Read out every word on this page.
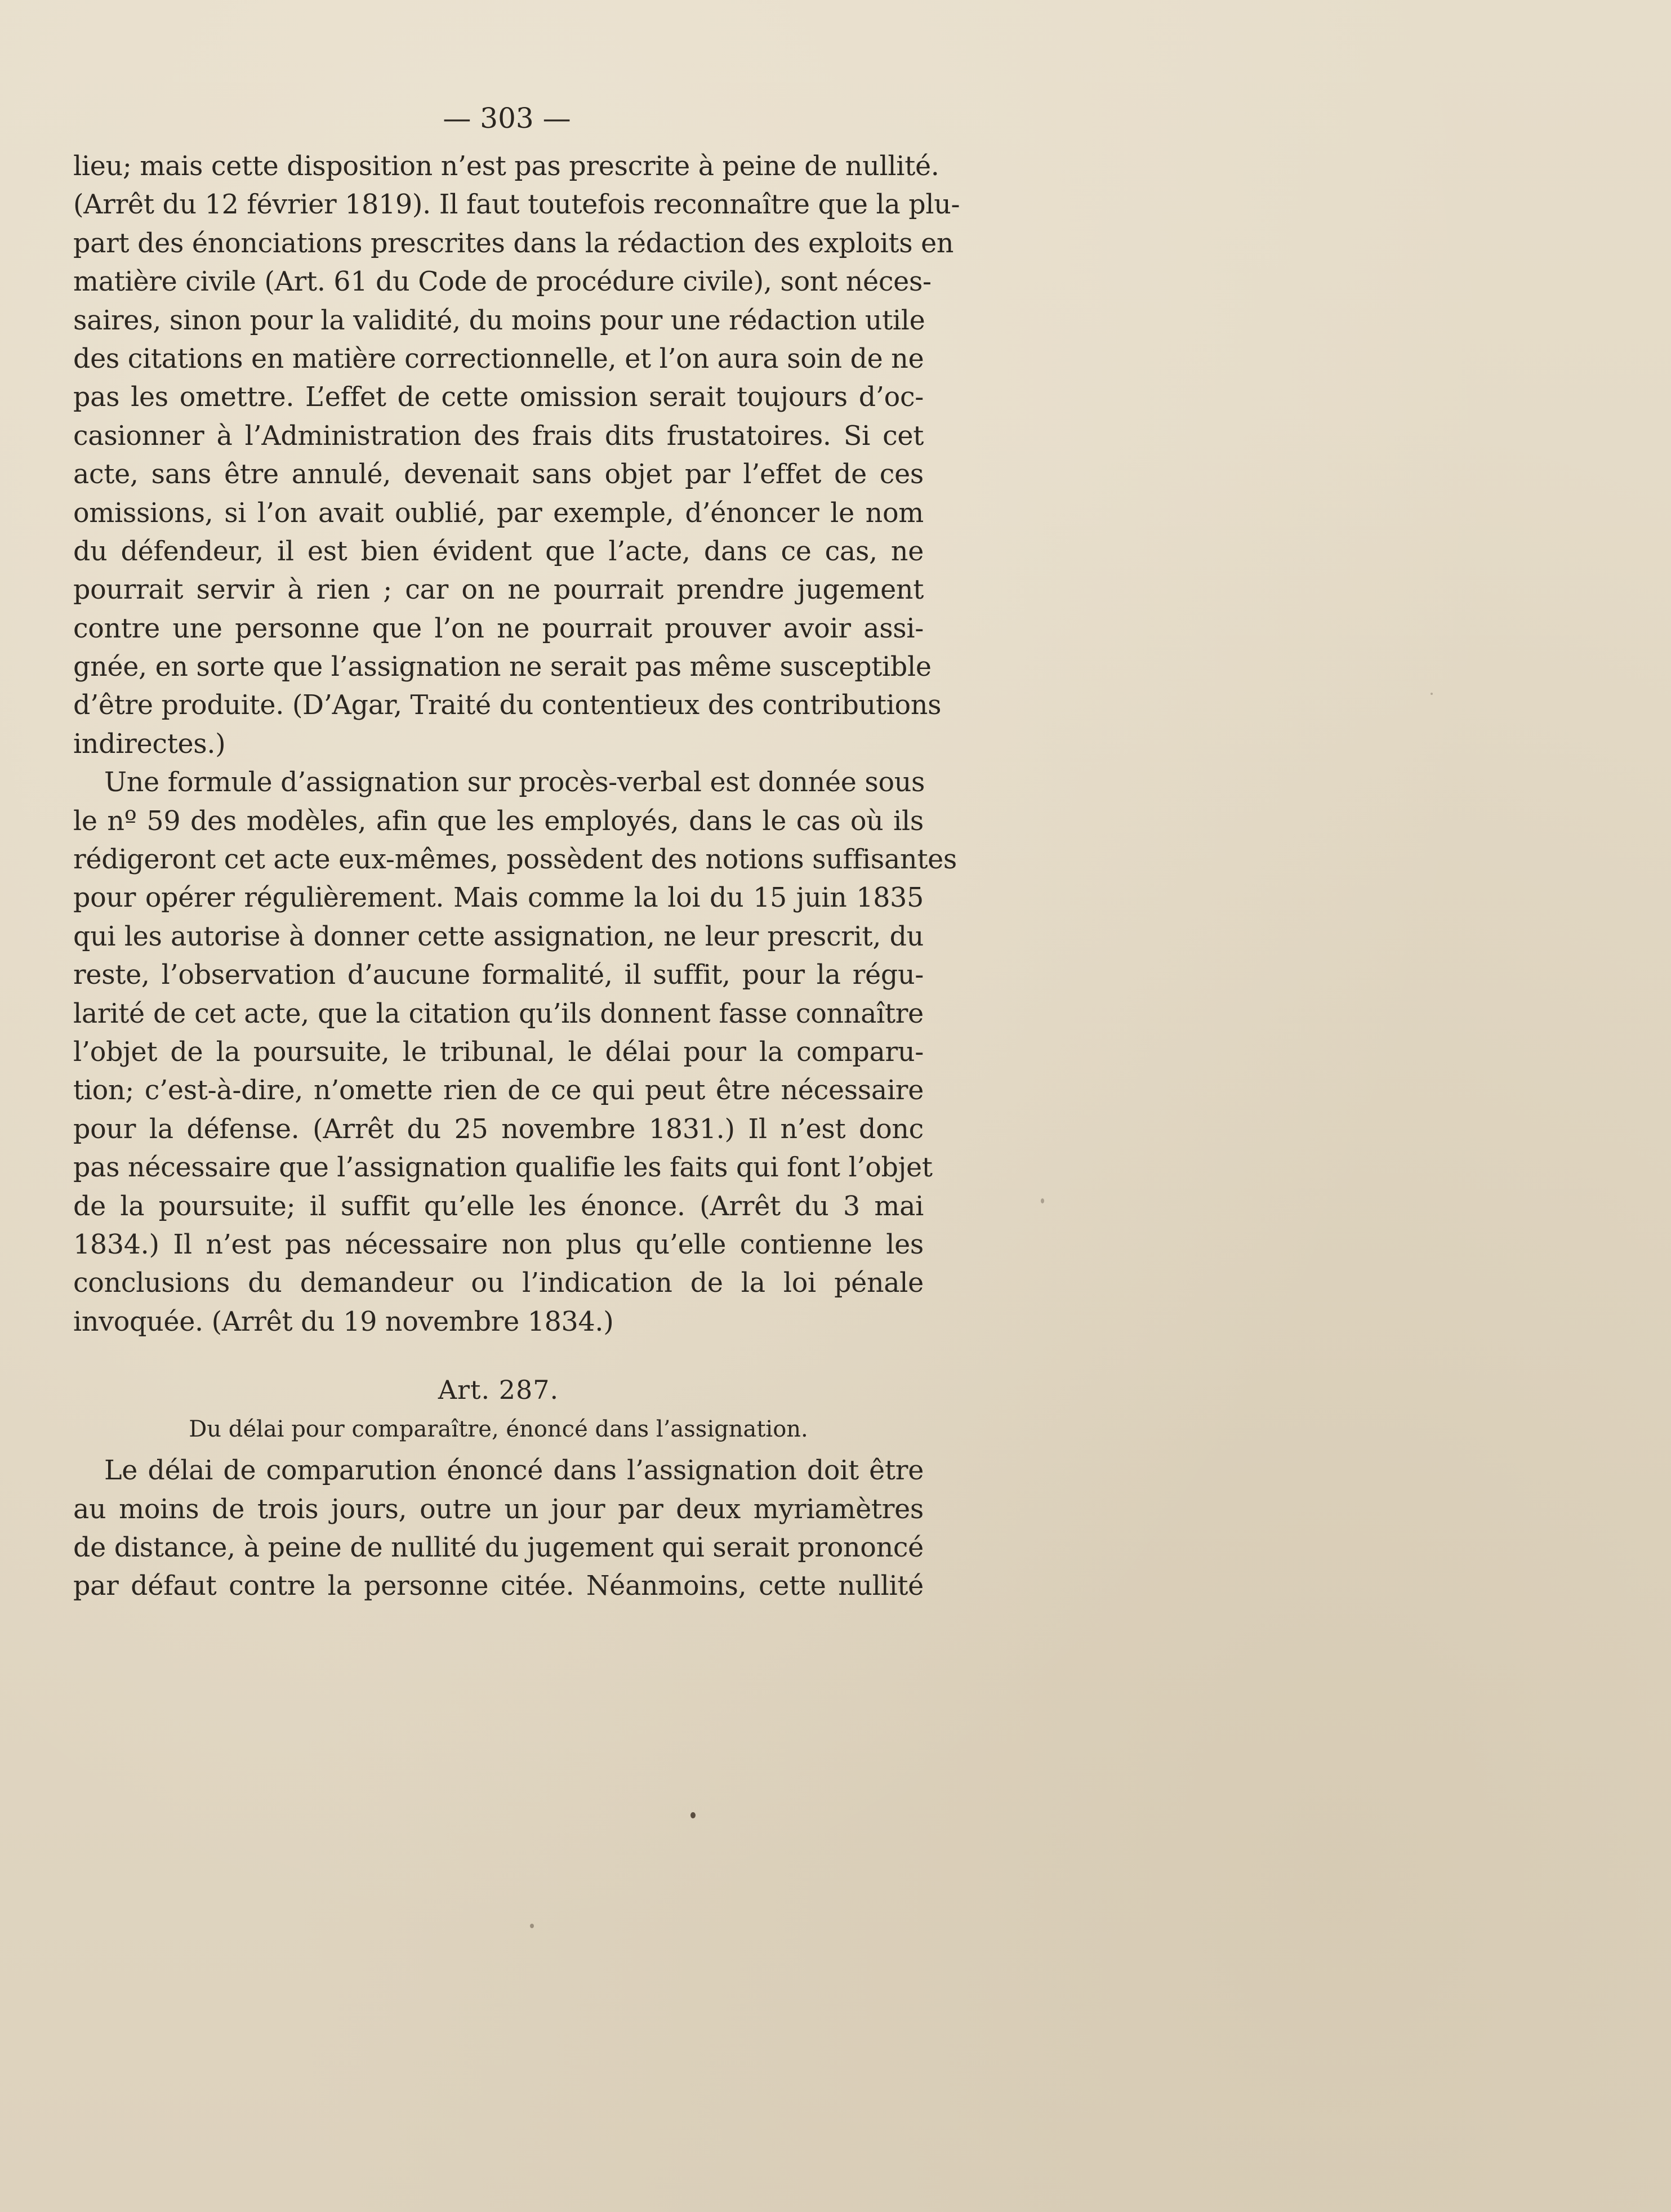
— 303 —
lieu; mais cette disposition n’est pas prescrite à peine de nullité.
(Arrêt du 12 février 1819). Il faut toutefois reconnaître que la plu-
part des énonciations prescrites dans la rédaction des exploits en
matière civile (Art. 61 du Code de procédure civile), sont néces-
saires, sinon pour la validité, du moins pour une rédaction utile
des citations en matière correctionnelle, et l’on aura soin de ne
pas les omettre. L’effet de cette omission serait toujours d’oc-
casionner à l’Administration des frais dits frustatoires. Si cet
acte, sans être annulé, devenait sans objet par l’effet de ces
omissions, si l’on avait oublié, par exemple, d’énoncer le nom
du défendeur, il est bien évident que l’acte, dans ce cas, ne
pourrait servir à rien ; car on ne pourrait prendre jugement
contre une personne que l’on ne pourrait prouver avoir assi-
gnée, en sorte que l’assignation ne serait pas même susceptible
d’être produite. (D’Agar, Traité du contentieux des contributions
indirectes.)
Une formule d’assignation sur procès-verbal est donnée sous
le nº 59 des modèles, afin que les employés, dans le cas où ils
rédigeront cet acte eux-mêmes, possèdent des notions suffisantes
pour opérer régulièrement. Mais comme la loi du 15 juin 1835
qui les autorise à donner cette assignation, ne leur prescrit, du
reste, l’observation d’aucune formalité, il suffit, pour la régu-
larité de cet acte, que la citation qu’ils donnent fasse connaître
l’objet de la poursuite, le tribunal, le délai pour la comparu-
tion; c’est-à-dire, n’omette rien de ce qui peut être nécessaire
pour la défense. (Arrêt du 25 novembre 1831.) Il n’est donc
pas nécessaire que l’assignation qualifie les faits qui font l’objet
de la poursuite; il suffit qu’elle les énonce. (Arrêt du 3 mai
1834.) Il n’est pas nécessaire non plus qu’elle contienne les
conclusions du demandeur ou l’indication de la loi pénale
invoquée. (Arrêt du 19 novembre 1834.)
Art. 287.
Du délai pour comparaître, énoncé dans l’assignation.
Le délai de comparution énoncé dans l’assignation doit être
au moins de trois jours, outre un jour par deux myriamètres
de distance, à peine de nullité du jugement qui serait prononcé
par défaut contre la personne citée. Néanmoins, cette nullité
